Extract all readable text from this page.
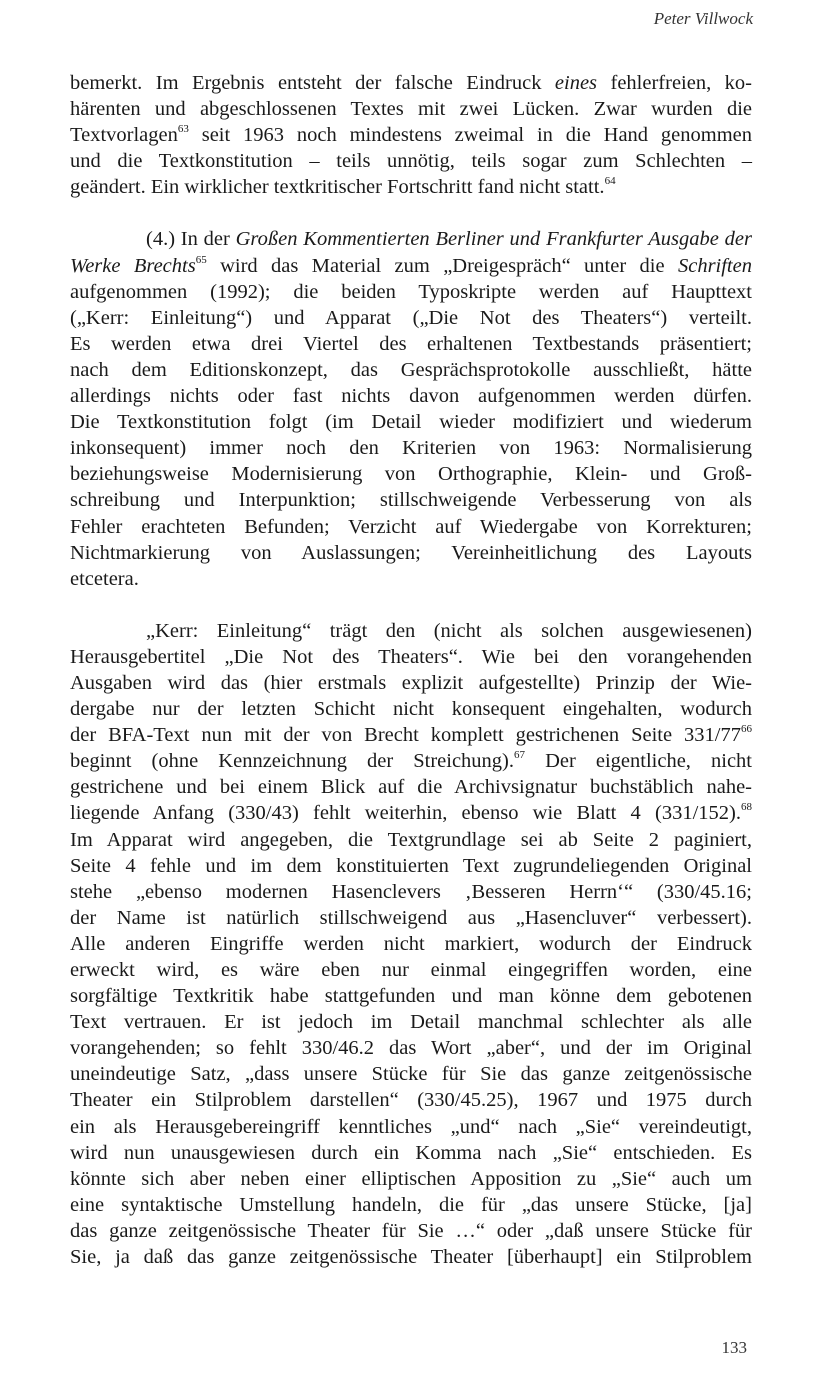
Peter Villwock
bemerkt. Im Ergebnis entsteht der falsche Eindruck eines fehlerfreien, ko-
härenten und abgeschlossenen Textes mit zwei Lücken. Zwar wurden die
Textvorlagen$^{63}$ seit 1963 noch mindestens zweimal in die Hand genommen
und die Textkonstitution – teils unnötig, teils sogar zum Schlechten –
geändert. Ein wirklicher textkritischer Fortschritt fand nicht statt.$^{64}$
(4.) In der Großen Kommentierten Berliner und Frankfurter Ausgabe der
Werke Brechts$^{65}$ wird das Material zum „Dreigespräch“ unter die Schriften
aufgenommen (1992); die beiden Typoskripte werden auf Haupttext
(„Kerr: Einleitung“) und Apparat („Die Not des Theaters“) verteilt.
Es werden etwa drei Viertel des erhaltenen Textbestands präsentiert;
nach dem Editionskonzept, das Gesprächsprotokolle ausschließt, hätte
allerdings nichts oder fast nichts davon aufgenommen werden dürfen.
Die Textkonstitution folgt (im Detail wieder modifiziert und wiederum
inkonsequent) immer noch den Kriterien von 1963: Normalisierung
beziehungsweise Modernisierung von Orthographie, Klein- und Groß-
schreibung und Interpunktion; stillschweigende Verbesserung von als
Fehler erachteten Befunden; Verzicht auf Wiedergabe von Korrekturen;
Nichtmarkierung von Auslassungen; Vereinheitlichung des Layouts
etcetera.
„Kerr: Einleitung“ trägt den (nicht als solchen ausgewiesenen)
Herausgebertitel „Die Not des Theaters“. Wie bei den vorangehenden
Ausgaben wird das (hier erstmals explizit aufgestellte) Prinzip der Wie-
dergabe nur der letzten Schicht nicht konsequent eingehalten, wodurch
der BFA-Text nun mit der von Brecht komplett gestrichenen Seite $331/77^{66}$
beginnt (ohne Kennzeichnung der Streichung).$^{67}$ Der eigentliche, nicht
gestrichene und bei einem Blick auf die Archivsignatur buchstäblich nahe-
liegende Anfang (330/43) fehlt weiterhin, ebenso wie Blatt 4 (331/152).$^{68}$
Im Apparat wird angegeben, die Textgrundlage sei ab Seite 2 paginiert,
Seite 4 fehle und im dem konstituierten Text zugrundeliegenden Original
stehe „ebenso modernen Hasenclevers ‚Besseren Herrn‘“ (330/45.16;
der Name ist natürlich stillschweigend aus „Hasencluver“ verbessert).
Alle anderen Eingriffe werden nicht markiert, wodurch der Eindruck
erweckt wird, es wäre eben nur einmal eingegriffen worden, eine
sorgfältige Textkritik habe stattgefunden und man könne dem gebotenen
Text vertrauen. Er ist jedoch im Detail manchmal schlechter als alle
vorangehenden; so fehlt 330/46.2 das Wort „aber“, und der im Original
uneindeutige Satz, „dass unsere Stücke für Sie das ganze zeitgenössische
Theater ein Stilproblem darstellen“ (330/45.25), 1967 und 1975 durch
ein als Herausgebereingriff kenntliches „und“ nach „Sie“ vereindeutigt,
wird nun unausgewiesen durch ein Komma nach „Sie“ entschieden. Es
könnte sich aber neben einer elliptischen Apposition zu „Sie“ auch um
eine syntaktische Umstellung handeln, die für „das unsere Stücke, [ja]
das ganze zeitgenössische Theater für Sie …“ oder „daß unsere Stücke für
Sie, ja daß das ganze zeitgenössische Theater [überhaupt] ein Stilproblem
133
